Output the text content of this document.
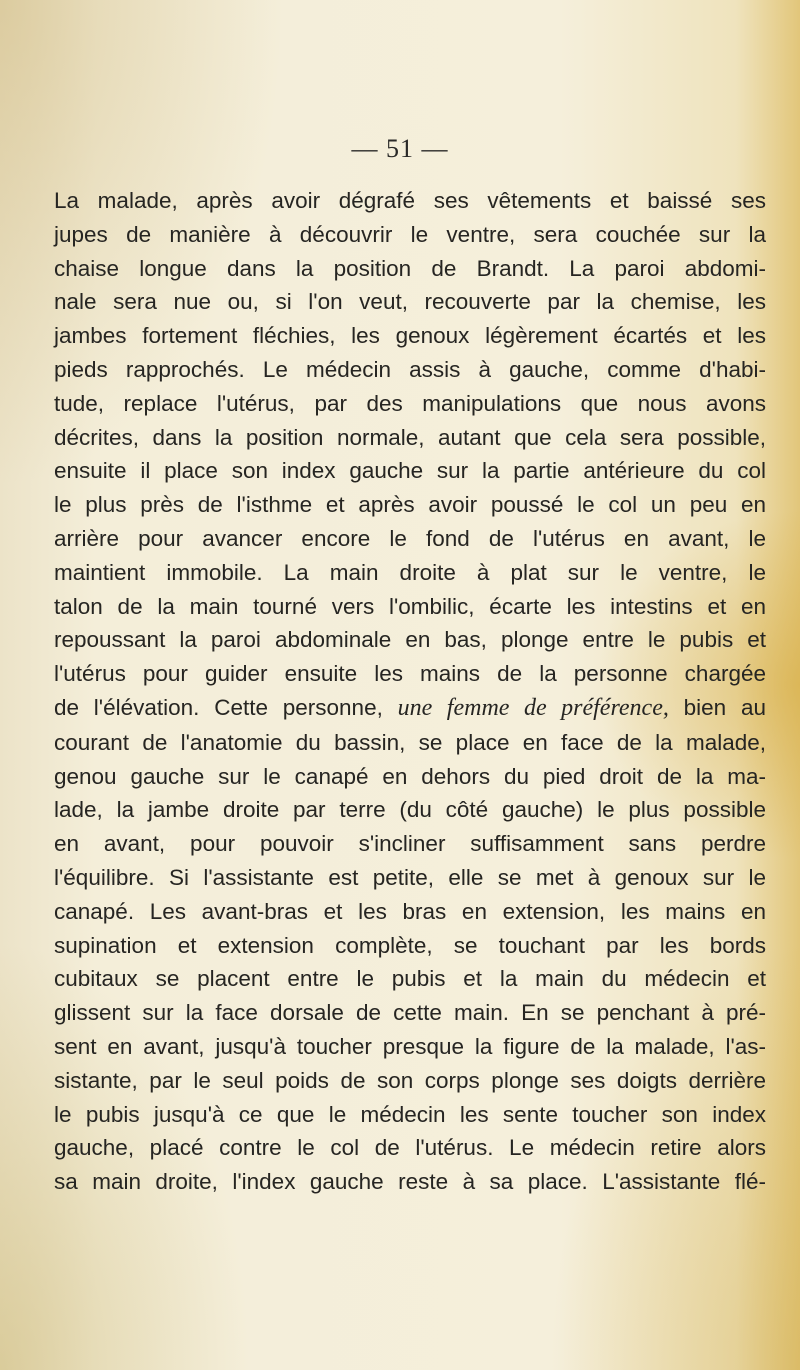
— 51 —

La malade, après avoir dégrafé ses vêtements et baissé ses
jupes de manière à découvrir le ventre, sera couchée sur la
chaise longue dans la position de Brandt. La paroi abdomi-
nale sera nue ou, si l'on veut, recouverte par la chemise, les
jambes fortement fléchies, les genoux légèrement écartés et les
pieds rapprochés. Le médecin assis à gauche, comme d'habi-
tude, replace l'utérus, par des manipulations que nous avons
décrites, dans la position normale, autant que cela sera possible,
ensuite il place son index gauche sur la partie antérieure du col
le plus près de l'isthme et après avoir poussé le col un peu en
arrière pour avancer encore le fond de l'utérus en avant, le
maintient immobile. La main droite à plat sur le ventre, le
talon de la main tourné vers l'ombilic, écarte les intestins et en
repoussant la paroi abdominale en bas, plonge entre le pubis et
l'utérus pour guider ensuite les mains de la personne chargée
de l'élévation. Cette personne, une femme de préférence, bien au
courant de l'anatomie du bassin, se place en face de la malade,
genou gauche sur le canapé en dehors du pied droit de la ma-
lade, la jambe droite par terre (du côté gauche) le plus possible
en avant, pour pouvoir s'incliner suffisamment sans perdre
l'équilibre. Si l'assistante est petite, elle se met à genoux sur le
canapé. Les avant-bras et les bras en extension, les mains en
supination et extension complète, se touchant par les bords
cubitaux se placent entre le pubis et la main du médecin et
glissent sur la face dorsale de cette main. En se penchant à pré-
sent en avant, jusqu'à toucher presque la figure de la malade, l'as-
sistante, par le seul poids de son corps plonge ses doigts derrière
le pubis jusqu'à ce que le médecin les sente toucher son index
gauche, placé contre le col de l'utérus. Le médecin retire alors
sa main droite, l'index gauche reste à sa place. L'assistante flé-
